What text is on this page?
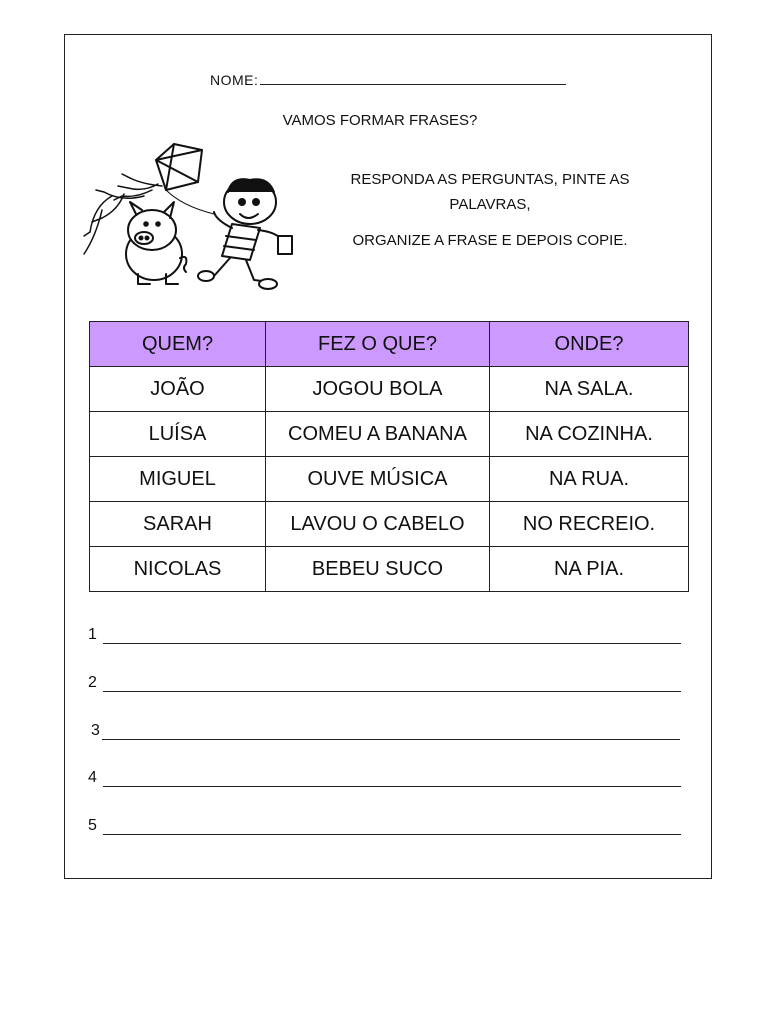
NOME:
VAMOS FORMAR FRASES?
RESPONDA AS PERGUNTAS, PINTE AS PALAVRAS,
ORGANIZE A FRASE E DEPOIS COPIE.
QUEM?	FEZ O QUE?	ONDE?
JOÃO	JOGOU BOLA	NA SALA.
LUÍSA	COMEU A BANANA	NA COZINHA.
MIGUEL	OUVE MÚSICA	NA RUA.
SARAH	LAVOU O CABELO	NO RECREIO.
NICOLAS	BEBEU SUCO	NA PIA.
1
2
3
4
5
